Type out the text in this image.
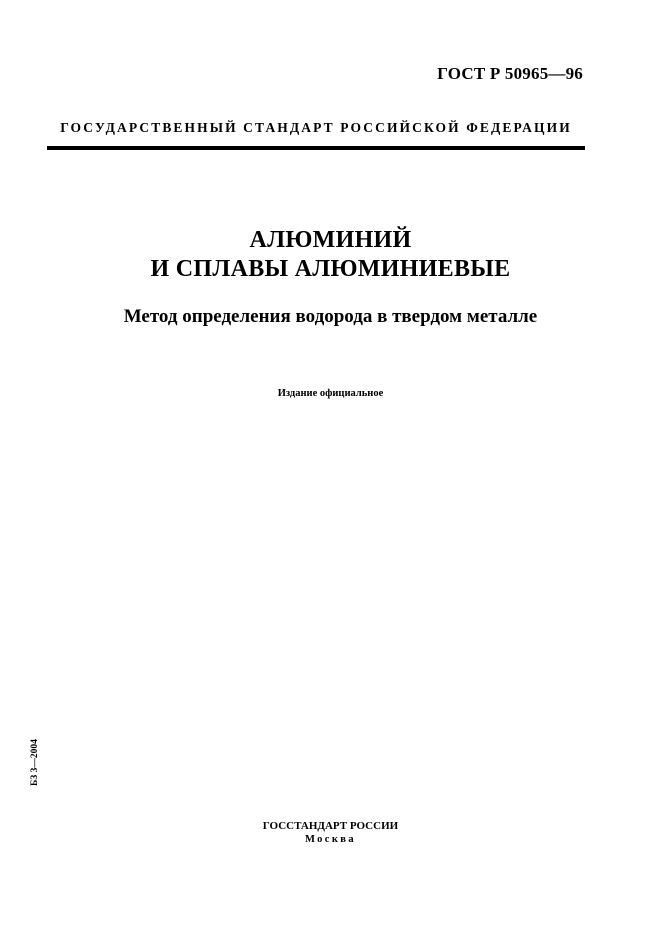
ГОСТ Р 50965—96
ГОСУДАРСТВЕННЫЙ СТАНДАРТ РОССИЙСКОЙ ФЕДЕРАЦИИ
АЛЮМИНИЙ
И СПЛАВЫ АЛЮМИНИЕВЫЕ
Метод определения водорода в твердом металле
Издание официальное
БЗ 3—2004
ГОССТАНДАРТ РОССИИ
Москва
